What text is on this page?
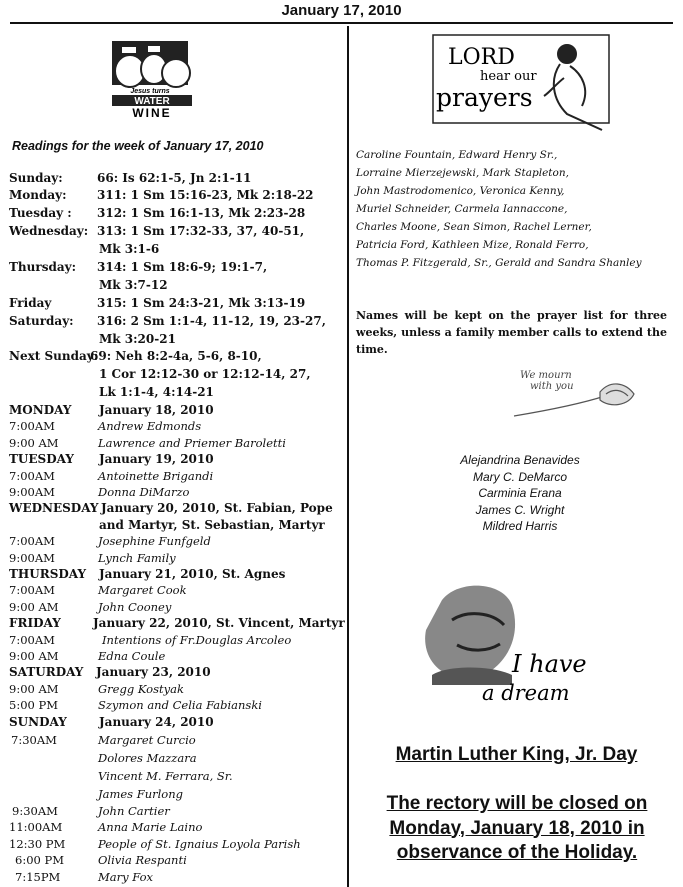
January 17, 2010
Jesus turns
WATER
WINE
Readings for the week of January 17, 2010
Sunday:	66: Is 62:1-5, Jn 2:1-11
Monday:	311: 1 Sm 15:16-23, Mk 2:18-22
Tuesday : 312: 1 Sm 16:1-13, Mk 2:23-28
Wednesday: 313: 1 Sm 17:32-33, 37, 40-51,
Mk 3:1-6
Thursday: 314: 1 Sm 18:6-9; 19:1-7,
Mk 3:7-12
Friday	315: 1 Sm 24:3-21, Mk 3:13-19
Saturday: 316: 2 Sm 1:1-4, 11-12, 19, 23-27,
Mk 3:20-21
Next Sunday:
69: Neh 8:2-4a, 5-6, 8-10,
1 Cor 12:12-30 or 12:12-14, 27,
Lk 1:1-4, 4:14-21
MONDAY January 18, 2010
7:00AM	Andrew Edmonds
9:00 AM	Lawrence and Priemer Baroletti
TUESDAY January 19, 2010
7:00AM	Antoinette Brigandi
9:00AM	Donna DiMarzo
WEDNESDAY January 20, 2010, St. Fabian, Pope
and Martyr, St. Sebastian, Martyr
7:00AM	Josephine Funfgeld
9:00AM	Lynch Family
THURSDAY January 21, 2010, St. Agnes
7:00AM	Margaret Cook
9:00 AM	John Cooney
FRIDAY	January 22, 2010, St. Vincent, Martyr
7:00AM	Intentions of Fr.Douglas Arcoleo
9:00 AM	Edna Coule
SATURDAY January 23, 2010
9:00 AM	Gregg Kostyak
5:00 PM	Szymon and Celia Fabianski
SUNDAY	January 24, 2010
7:30AM	Margaret Curcio
Dolores Mazzara
Vincent M. Ferrara, Sr.
James Furlong
9:30AM	John Cartier
11:00AM	Anna Marie Laino
12:30 PM	People of St. Ignaius Loyola Parish
6:00 PM	Olivia Respanti
7:15PM	Mary Fox
LORD
hear our
prayers
Caroline Fountain, Edward Henry Sr.,
Lorraine Mierzejewski, Mark Stapleton,
John Mastrodomenico, Veronica Kenny,
Muriel Schneider, Carmela Iannaccone,
Charles Moone, Sean Simon, Rachel Lerner,
Patricia Ford, Kathleen Mize, Ronald Ferro,
Thomas P. Fitzgerald, Sr., Gerald and Sandra Shanley
Names will be kept on the prayer list for three weeks, unless a family member calls to extend the time.
We mourn
with you
Alejandrina Benavides
Mary C. DeMarco
Carminia Erana
James C. Wright
Mildred Harris
I have
a dream
Martin Luther King, Jr. Day
The rectory will be closed on
Monday, January 18, 2010 in
observance of the Holiday.
